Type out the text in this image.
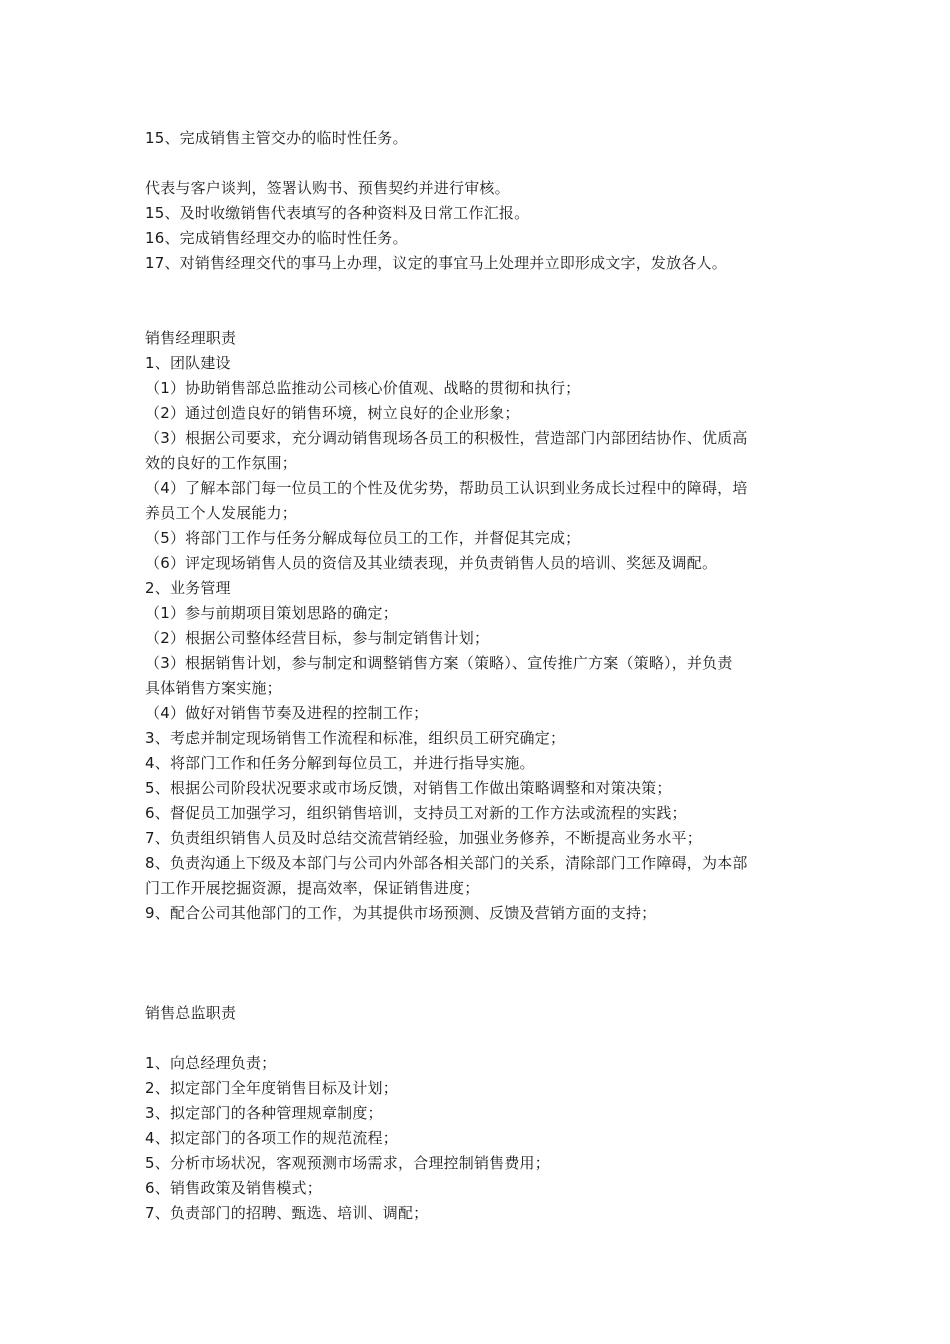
15、完成销售主管交办的临时性任务。

代表与客户谈判，签署认购书、预售契约并进行审核。

15、及时收缴销售代表填写的各种资料及日常工作汇报。

16、完成销售经理交办的临时性任务。

17、对销售经理交代的事马上办理，议定的事宜马上处理并立即形成文字，发放各人。

销售经理职责

1、团队建设

（1）协助销售部总监推动公司核心价值观、战略的贯彻和执行；

（2）通过创造良好的销售环境，树立良好的企业形象；

（3）根据公司要求，充分调动销售现场各员工的积极性，营造部门内部团结协作、优质高

效的良好的工作氛围；

（4）了解本部门每一位员工的个性及优劣势，帮助员工认识到业务成长过程中的障碍，培

养员工个人发展能力；

（5）将部门工作与任务分解成每位员工的工作，并督促其完成；

（6）评定现场销售人员的资信及其业绩表现，并负责销售人员的培训、奖惩及调配。

2、业务管理

（1）参与前期项目策划思路的确定；

（2）根据公司整体经营目标，参与制定销售计划；

（3）根据销售计划，参与制定和调整销售方案（策略）、宣传推广方案（策略），并负责

具体销售方案实施；

（4）做好对销售节奏及进程的控制工作；

3、考虑并制定现场销售工作流程和标准，组织员工研究确定；

4、将部门工作和任务分解到每位员工，并进行指导实施。

5、根据公司阶段状况要求或市场反馈，对销售工作做出策略调整和对策决策；

6、督促员工加强学习，组织销售培训，支持员工对新的工作方法或流程的实践；

7、负责组织销售人员及时总结交流营销经验，加强业务修养，不断提高业务水平；

8、负责沟通上下级及本部门与公司内外部各相关部门的关系，清除部门工作障碍，为本部

门工作开展挖掘资源，提高效率，保证销售进度；

9、配合公司其他部门的工作，为其提供市场预测、反馈及营销方面的支持；

销售总监职责

1、向总经理负责；

2、拟定部门全年度销售目标及计划；

3、拟定部门的各种管理规章制度；

4、拟定部门的各项工作的规范流程；

5、分析市场状况，客观预测市场需求，合理控制销售费用；

6、销售政策及销售模式；

7、负责部门的招聘、甄选、培训、调配；
